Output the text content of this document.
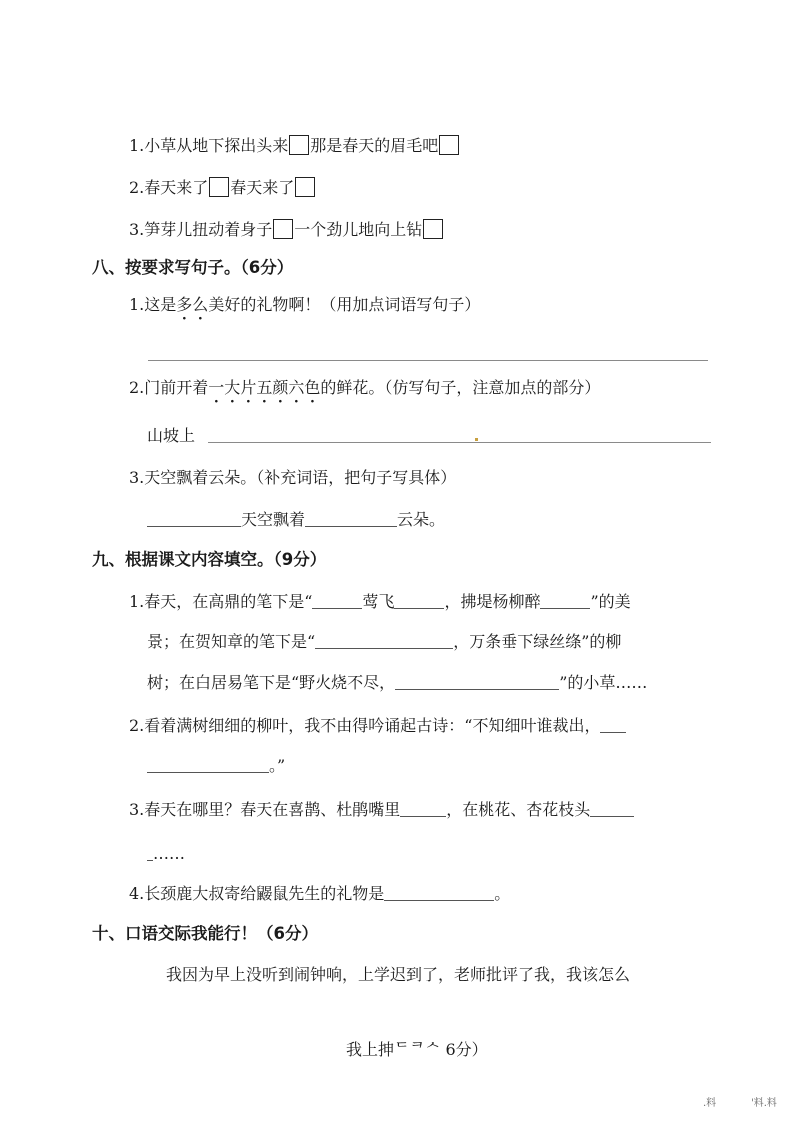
1.小草从地下探出头来 那是春天的眉毛吧
2.春天来了 春天来了
3.笋芽儿扭动着身子 一个劲儿地向上钻
八、按要求写句子。（6分）
1.这是多么美好的礼物啊！（用加点词语写句子）
2.门前开着一大片五颜六色的鲜花。（仿写句子，注意加点的部分）
山坡上
3.天空飘着云朵。（补充词语，把句子写具体）
天空飘着	云朵。
九、根据课文内容填空。（9分）
1.春天，在高鼎的笔下是“	莺飞	，拂堤杨柳醉	”的美
景；在贺知章的笔下是“	，万条垂下绿丝绦”的柳
树；在白居易笔下是“野火烧不尽，	”的小草……
2.看着满树细细的柳叶，我不由得吟诵起古诗：“不知细叶谁裁出，
。”
3.春天在哪里？春天在喜鹊、杜鹃嘴里	，在桃花、杏花枝头
……
4.长颈鹿大叔寄给鼹鼠先生的礼物是	。
十、口语交际我能行！（6分）
我因为早上没听到闹钟响，上学迟到了，老师批评了我，我该怎么
我上抻ᄃᄏᄉ 6分）
.料	'料.料
